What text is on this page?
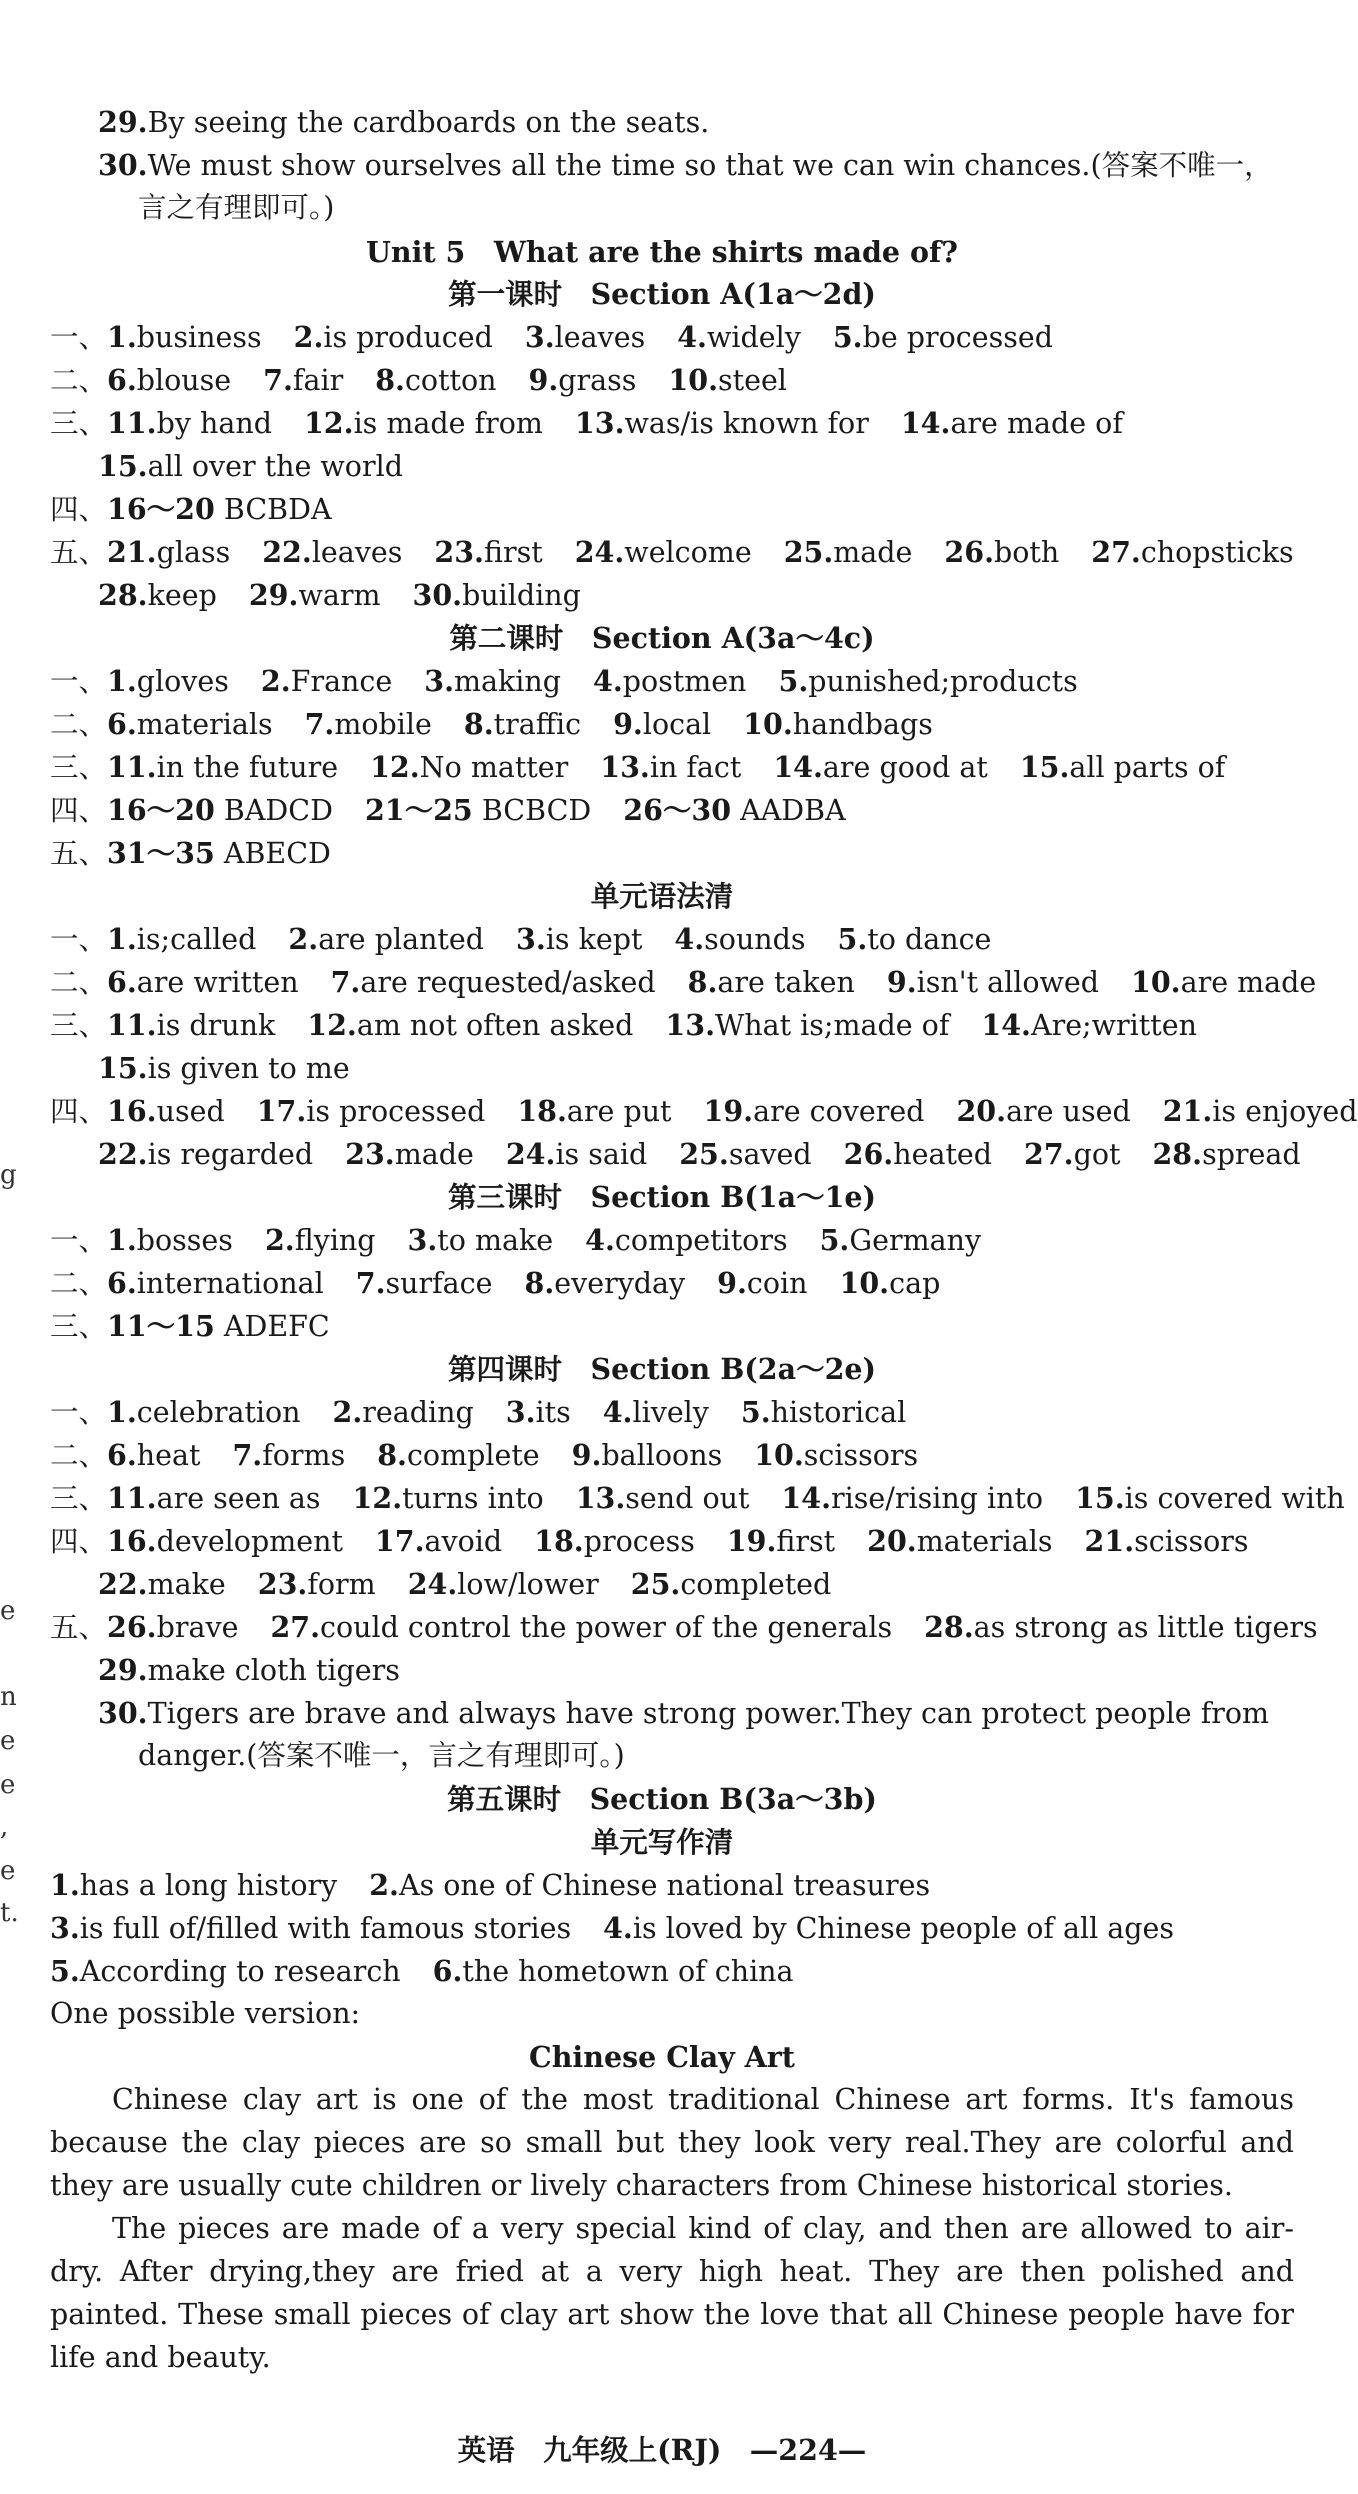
29.By seeing the cardboards on the seats.
30.We must show ourselves all the time so that we can win chances.(答案不唯一，
言之有理即可。)
Unit 5　What are the shirts made of?
第一课时　Section A(1a～2d)
一、1.business 2.is produced 3.leaves 4.widely 5.be processed
二、6.blouse 7.fair 8.cotton 9.grass 10.steel
三、11.by hand 12.is made from 13.was/is known for 14.are made of
15.all over the world
四、16～20 BCBDA
五、21.glass 22.leaves 23.first 24.welcome 25.made 26.both 27.chopsticks
28.keep 29.warm 30.building
第二课时　Section A(3a～4c)
一、1.gloves 2.France 3.making 4.postmen 5.punished;products
二、6.materials 7.mobile 8.traffic 9.local 10.handbags
三、11.in the future 12.No matter 13.in fact 14.are good at 15.all parts of
四、16～20 BADCD 21～25 BCBCD 26～30 AADBA
五、31～35 ABECD
单元语法清
一、1.is;called 2.are planted 3.is kept 4.sounds 5.to dance
二、6.are written 7.are requested/asked 8.are taken 9.isn't allowed 10.are made
三、11.is drunk 12.am not often asked 13.What is;made of 14.Are;written
15.is given to me
四、16.used 17.is processed 18.are put 19.are covered 20.are used 21.is enjoyed
22.is regarded 23.made 24.is said 25.saved 26.heated 27.got 28.spread
第三课时　Section B(1a～1e)
一、1.bosses 2.flying 3.to make 4.competitors 5.Germany
二、6.international 7.surface 8.everyday 9.coin 10.cap
三、11～15 ADEFC
第四课时　Section B(2a～2e)
一、1.celebration 2.reading 3.its 4.lively 5.historical
二、6.heat 7.forms 8.complete 9.balloons 10.scissors
三、11.are seen as 12.turns into 13.send out 14.rise/rising into 15.is covered with
四、16.development 17.avoid 18.process 19.first 20.materials 21.scissors
22.make 23.form 24.low/lower 25.completed
五、26.brave 27.could control the power of the generals 28.as strong as little tigers
29.make cloth tigers
30.Tigers are brave and always have strong power.They can protect people from
danger.(答案不唯一，言之有理即可。)
第五课时　Section B(3a～3b)
单元写作清
1.has a long history 2.As one of Chinese national treasures
3.is full of/filled with famous stories 4.is loved by Chinese people of all ages
5.According to research 6.the hometown of china
One possible version:
Chinese Clay Art

Chinese clay art is one of the most traditional Chinese art forms. It's famous because the clay pieces are so small but they look very real.They are colorful and they are usually cute children or lively characters from Chinese historical stories.

The pieces are made of a very special kind of clay, and then are allowed to air-dry. After drying,they are fried at a very high heat. They are then polished and painted. These small pieces of clay art show the love that all Chinese people have for life and beauty.

g
e
n
e
e
,
e
t.
英语　九年级上(RJ)　—224—
